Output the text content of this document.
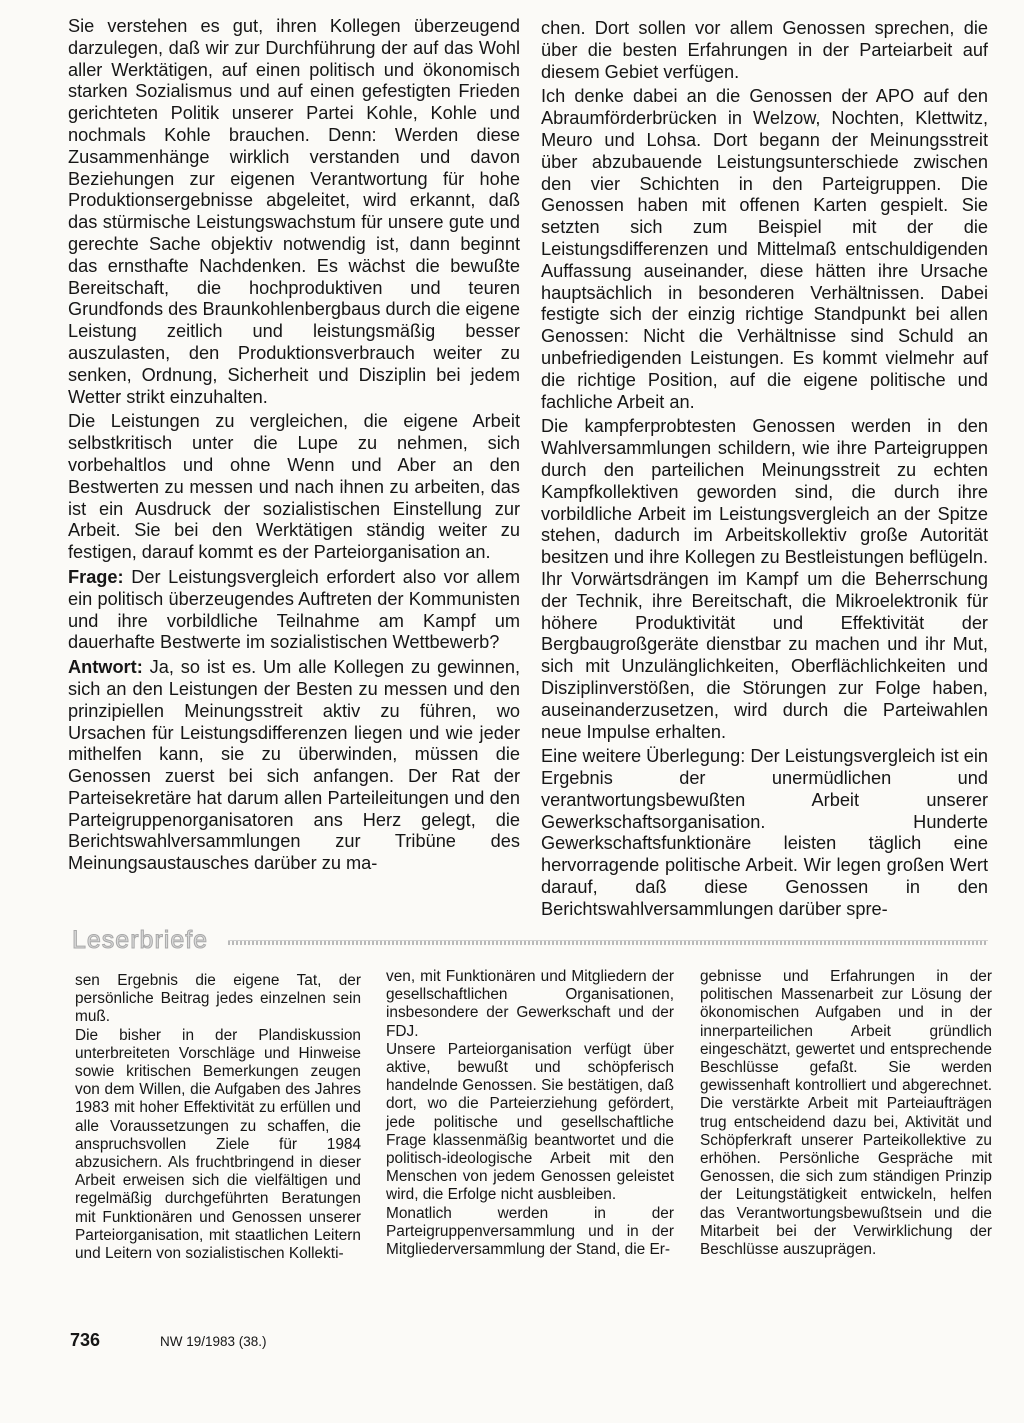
Sie verstehen es gut, ihren Kollegen überzeugend darzulegen, daß wir zur Durchführung der auf das Wohl aller Werktätigen, auf einen politisch und ökonomisch starken Sozialismus und auf einen gefestigten Frieden gerichteten Politik unserer Partei Kohle, Kohle und nochmals Kohle brauchen. Denn: Werden diese Zusammenhänge wirklich verstanden und davon Beziehungen zur eigenen Verantwortung für hohe Produktionsergebnisse abgeleitet, wird erkannt, daß das stürmische Leistungswachstum für unsere gute und gerechte Sache objektiv notwendig ist, dann beginnt das ernsthafte Nachdenken. Es wächst die bewußte Bereitschaft, die hochproduktiven und teuren Grundfonds des Braunkohlenbergbaus durch die eigene Leistung zeitlich und leistungsmäßig besser auszulasten, den Produktionsverbrauch weiter zu senken, Ordnung, Sicherheit und Disziplin bei jedem Wetter strikt einzuhalten.

Die Leistungen zu vergleichen, die eigene Arbeit selbstkritisch unter die Lupe zu nehmen, sich vorbehaltlos und ohne Wenn und Aber an den Bestwerten zu messen und nach ihnen zu arbeiten, das ist ein Ausdruck der sozialistischen Einstellung zur Arbeit. Sie bei den Werktätigen ständig weiter zu festigen, darauf kommt es der Parteiorganisation an.

Frage: Der Leistungsvergleich erfordert also vor allem ein politisch überzeugendes Auftreten der Kommunisten und ihre vorbildliche Teilnahme am Kampf um dauerhafte Bestwerte im sozialistischen Wettbewerb?

Antwort: Ja, so ist es. Um alle Kollegen zu gewinnen, sich an den Leistungen der Besten zu messen und den prinzipiellen Meinungsstreit aktiv zu führen, wo Ursachen für Leistungsdifferenzen liegen und wie jeder mithelfen kann, sie zu überwinden, müssen die Genossen zuerst bei sich anfangen. Der Rat der Parteisekretäre hat darum allen Parteileitungen und den Parteigruppenorganisatoren ans Herz gelegt, die Berichtswahlversammlungen zur Tribüne des Meinungsaustausches darüber zu ma-

chen. Dort sollen vor allem Genossen sprechen, die über die besten Erfahrungen in der Parteiarbeit auf diesem Gebiet verfügen.

Ich denke dabei an die Genossen der APO auf den Abraumförderbrücken in Welzow, Nochten, Klettwitz, Meuro und Lohsa. Dort begann der Meinungsstreit über abzubauende Leistungsunterschiede zwischen den vier Schichten in den Parteigruppen. Die Genossen haben mit offenen Karten gespielt. Sie setzten sich zum Beispiel mit der die Leistungsdifferenzen und Mittelmaß entschuldigenden Auffassung auseinander, diese hätten ihre Ursache hauptsächlich in besonderen Verhältnissen. Dabei festigte sich der einzig richtige Standpunkt bei allen Genossen: Nicht die Verhältnisse sind Schuld an unbefriedigenden Leistungen. Es kommt vielmehr auf die richtige Position, auf die eigene politische und fachliche Arbeit an.

Die kampferprobtesten Genossen werden in den Wahlversammlungen schildern, wie ihre Parteigruppen durch den parteilichen Meinungsstreit zu echten Kampfkollektiven geworden sind, die durch ihre vorbildliche Arbeit im Leistungsvergleich an der Spitze stehen, dadurch im Arbeitskollektiv große Autorität besitzen und ihre Kollegen zu Bestleistungen beflügeln. Ihr Vorwärtsdrängen im Kampf um die Beherrschung der Technik, ihre Bereitschaft, die Mikroelektronik für höhere Produktivität und Effektivität der Bergbaugroßgeräte dienstbar zu machen und ihr Mut, sich mit Unzulänglichkeiten, Oberflächlichkeiten und Disziplinverstößen, die Störungen zur Folge haben, auseinanderzusetzen, wird durch die Parteiwahlen neue Impulse erhalten.

Eine weitere Überlegung: Der Leistungsvergleich ist ein Ergebnis der unermüdlichen und verantwortungsbewußten Arbeit unserer Gewerkschaftsorganisation. Hunderte Gewerkschaftsfunktionäre leisten täglich eine hervorragende politische Arbeit. Wir legen großen Wert darauf, daß diese Genossen in den Berichtswahlversammlungen darüber spre-

Leserbriefe

sen Ergebnis die eigene Tat, der persönliche Beitrag jedes einzelnen sein muß.

Die bisher in der Plandiskussion unterbreiteten Vorschläge und Hinweise sowie kritischen Bemerkungen zeugen von dem Willen, die Aufgaben des Jahres 1983 mit hoher Effektivität zu erfüllen und alle Voraussetzungen zu schaffen, die anspruchsvollen Ziele für 1984 abzusichern. Als fruchtbringend in dieser Arbeit erweisen sich die vielfältigen und regelmäßig durchgeführten Beratungen mit Funktionären und Genossen unserer Parteiorganisation, mit staatlichen Leitern und Leitern von sozialistischen Kollekti-

ven, mit Funktionären und Mitgliedern der gesellschaftlichen Organisationen, insbesondere der Gewerkschaft und der FDJ.

Unsere Parteiorganisation verfügt über aktive, bewußt und schöpferisch handelnde Genossen. Sie bestätigen, daß dort, wo die Parteierziehung gefördert, jede politische und gesellschaftliche Frage klassenmäßig beantwortet und die politisch-ideologische Arbeit mit den Menschen von jedem Genossen geleistet wird, die Erfolge nicht ausbleiben.

Monatlich werden in der Parteigruppenversammlung und in der Mitgliederversammlung der Stand, die Er-

gebnisse und Erfahrungen in der politischen Massenarbeit zur Lösung der ökonomischen Aufgaben und in der innerparteilichen Arbeit gründlich eingeschätzt, gewertet und entsprechende Beschlüsse gefaßt. Sie werden gewissenhaft kontrolliert und abgerechnet. Die verstärkte Arbeit mit Parteiaufträgen trug entscheidend dazu bei, Aktivität und Schöpferkraft unserer Parteikollektive zu erhöhen. Persönliche Gespräche mit Genossen, die sich zum ständigen Prinzip der Leitungstätigkeit entwickeln, helfen das Verantwortungsbewußtsein und die Mitarbeit bei der Verwirklichung der Beschlüsse auszuprägen.

736	NW 19/1983 (38.)
